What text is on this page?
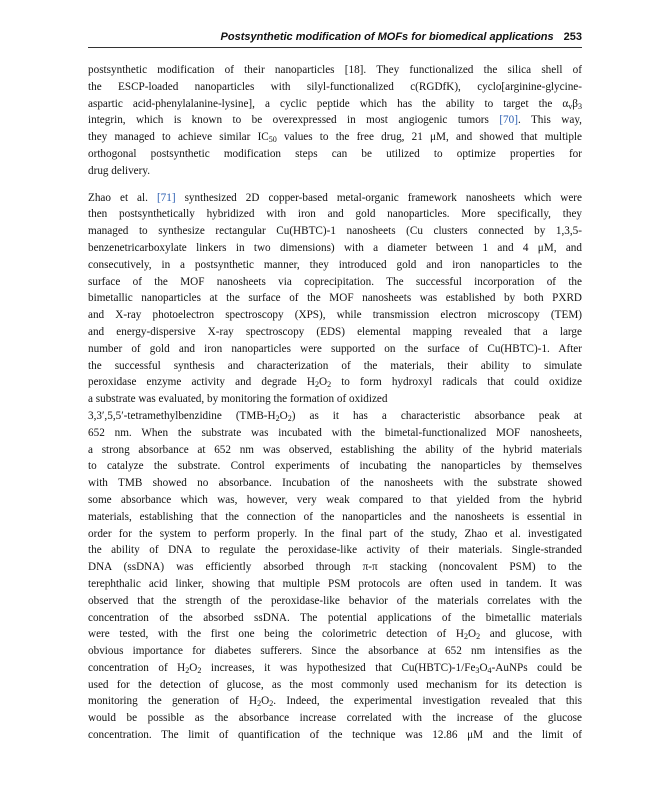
Postsynthetic modification of MOFs for biomedical applications 253
postsynthetic modification of their nanoparticles [18]. They functionalized the silica shell of
the ESCP-loaded nanoparticles with silyl-functionalized c(RGDfK), cyclo[arginine-glycine-
aspartic acid-phenylalanine-lysine], a cyclic peptide which has the ability to target the $\alpha_v\beta_3$
integrin, which is known to be overexpressed in most angiogenic tumors [70]. This way,
they managed to achieve similar $IC_{50}$ values to the free drug, 21 μM, and showed that multiple
orthogonal postsynthetic modification steps can be utilized to optimize properties for
drug delivery.
Zhao et al. [71] synthesized 2D copper-based metal-organic framework nanosheets which were
then postsynthetically hybridized with iron and gold nanoparticles. More specifically, they
managed to synthesize rectangular Cu(HBTC)-1 nanosheets (Cu clusters connected by 1,3,5-
benzenetricarboxylate linkers in two dimensions) with a diameter between 1 and 4 μM, and
consecutively, in a postsynthetic manner, they introduced gold and iron nanoparticles to the
surface of the MOF nanosheets via coprecipitation. The successful incorporation of the
bimetallic nanoparticles at the surface of the MOF nanosheets was established by both PXRD
and X-ray photoelectron spectroscopy (XPS), while transmission electron microscopy (TEM)
and energy-dispersive X-ray spectroscopy (EDS) elemental mapping revealed that a large
number of gold and iron nanoparticles were supported on the surface of Cu(HBTC)-1. After
the successful synthesis and characterization of the materials, their ability to simulate
peroxidase enzyme activity and degrade $H_2O_2$ to form hydroxyl radicals that could oxidize
a substrate was evaluated, by monitoring the formation of oxidized
3,3′,5,5′-tetramethylbenzidine $(TMB-H_2O_2)$ as it has a characteristic absorbance peak at
652 nm. When the substrate was incubated with the bimetal-functionalized MOF nanosheets,
a strong absorbance at 652 nm was observed, establishing the ability of the hybrid materials
to catalyze the substrate. Control experiments of incubating the nanoparticles by themselves
with TMB showed no absorbance. Incubation of the nanosheets with the substrate showed
some absorbance which was, however, very weak compared to that yielded from the hybrid
materials, establishing that the connection of the nanoparticles and the nanosheets is essential in
order for the system to perform properly. In the final part of the study, Zhao et al. investigated
the ability of DNA to regulate the peroxidase-like activity of their materials. Single-stranded
DNA (ssDNA) was efficiently absorbed through π-π stacking (noncovalent PSM) to the
terephthalic acid linker, showing that multiple PSM protocols are often used in tandem. It was
observed that the strength of the peroxidase-like behavior of the materials correlates with the
concentration of the absorbed ssDNA. The potential applications of the bimetallic materials
were tested, with the first one being the colorimetric detection of $H_2O_2$ and glucose, with
obvious importance for diabetes sufferers. Since the absorbance at 652 nm intensifies as the
concentration of $H_2O_2$ increases, it was hypothesized that $Cu(HBTC)-1/Fe_3O_4$-AuNPs could be
used for the detection of glucose, as the most commonly used mechanism for its detection is
monitoring the generation of $H_2O_2$. Indeed, the experimental investigation revealed that this
would be possible as the absorbance increase correlated with the increase of the glucose
concentration. The limit of quantification of the technique was 12.86 μM and the limit of
